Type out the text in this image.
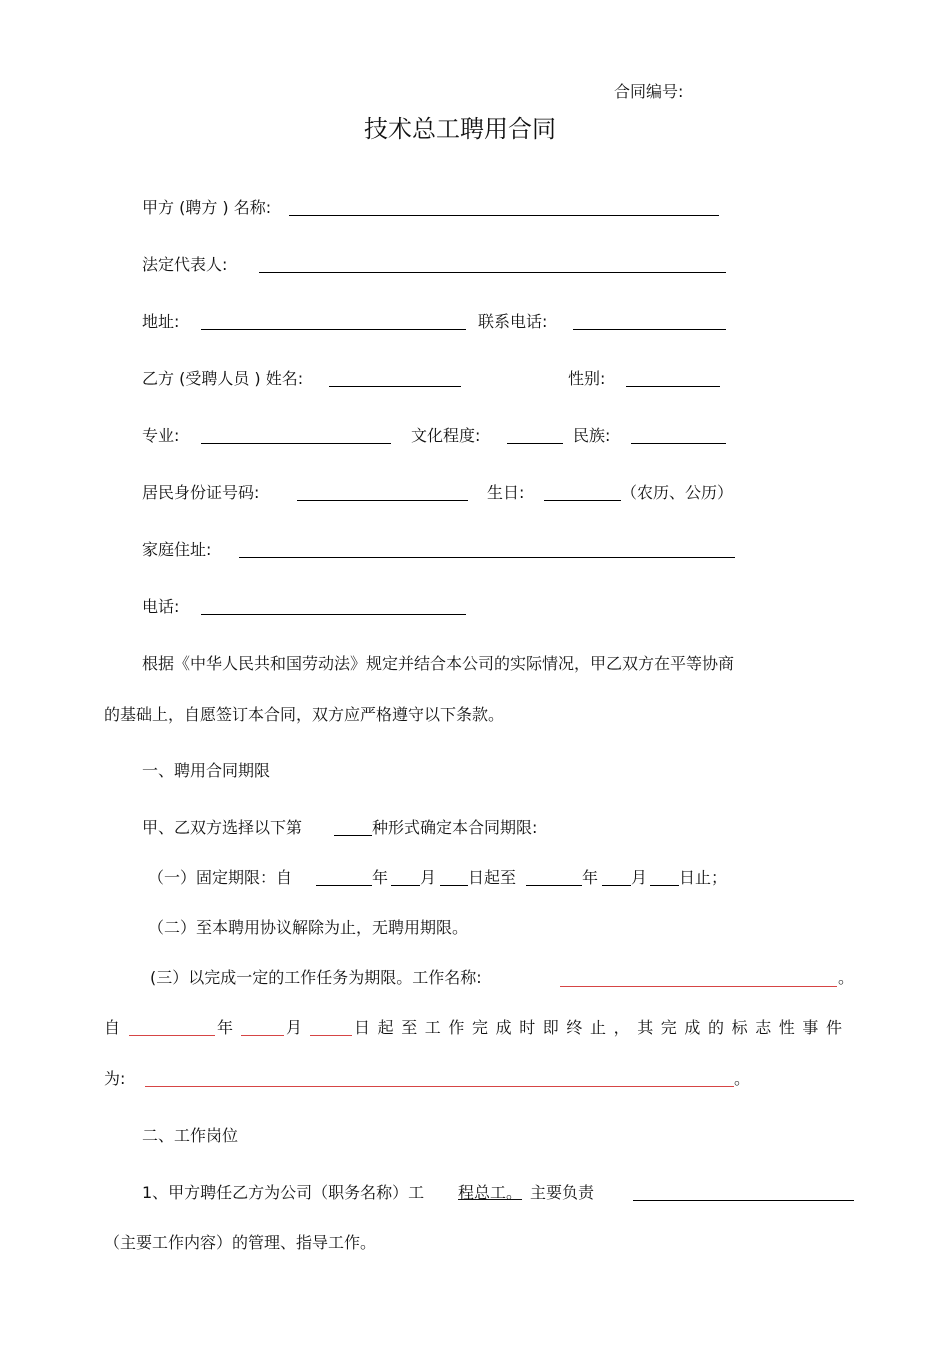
合同编号:
技术总工聘用合同
甲方 (聘方 ) 名称:
法定代表人:
地址:	联系电话:
乙方 (受聘人员 ) 姓名:	性别:
专业:	文化程度:	民族:
居民身份证号码:	生日:	（农历、公历）
家庭住址:
电话:
根据《中华人民共和国劳动法》规定并结合本公司的实际情况，甲乙双方在平等协商
的基础上，自愿签订本合同，双方应严格遵守以下条款。
一、聘用合同期限
甲、乙双方选择以下第	种形式确定本合同期限:
（一）固定期限：自	年 月 日起至	年 月 日止；
（二）至本聘用协议解除为止，无聘用期限。
(三）以完成一定的工作任务为期限。工作名称:	。
自	年	月	日起至工作完成时即终止，其完成的标志性事件
为:	。
二、工作岗位
1、甲方聘任乙方为公司（职务名称）工 程总工。 主要负责
（主要工作内容）的管理、指导工作。
